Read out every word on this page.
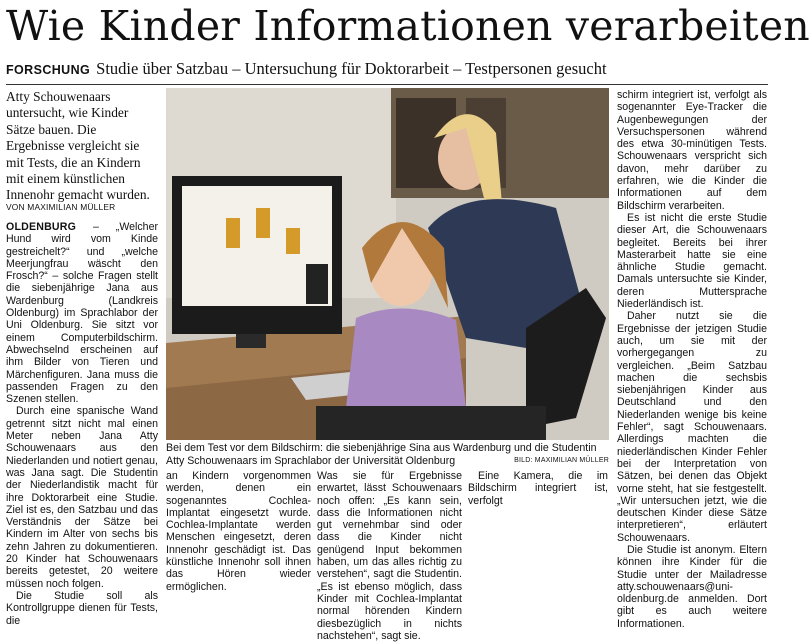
Wie Kinder Informationen verarbeiten
FORSCHUNG Studie über Satzbau – Untersuchung für Doktorarbeit – Testpersonen gesucht
Atty Schouwenaars untersucht, wie Kinder Sätze bauen. Die Ergebnisse vergleicht sie mit Tests, die an Kindern mit einem künstlichen Innenohr gemacht wurden.
VON MAXIMILIAN MÜLLER

OLDENBURG – „Welcher Hund wird vom Kinde gestreichelt?“ und „welche Meerjungfrau wäscht den Frosch?“ – solche Fragen stellt die siebenjährige Jana aus Wardenburg (Landkreis Oldenburg) im Sprachlabor der Uni Oldenburg. Sie sitzt vor einem Computerbildschirm. Abwechselnd erscheinen auf ihm Bilder von Tieren und Märchenfiguren. Jana muss die passenden Fragen zu den Szenen stellen.

Durch eine spanische Wand getrennt sitzt nicht mal einen Meter neben Jana Atty Schouwenaars aus den Niederlanden und notiert genau, was Jana sagt. Die Studentin der Niederlandistik macht für ihre Doktorarbeit eine Studie. Ziel ist es, den Satzbau und das Verständnis der Sätze bei Kindern im Alter von sechs bis zehn Jahren zu dokumentieren. 20 Kinder hat Schouwenaars bereits getestet, 20 weitere müssen noch folgen.

Die Studie soll als Kontrollgruppe dienen für Tests, die

Bei dem Test vor dem Bildschirm: die siebenjährige Sina aus Wardenburg und die Studentin Atty Schouwenaars im Sprachlabor der Universität Oldenburg	BILD: MAXIMILIAN MÜLLER

an Kindern vorgenommen werden, denen ein sogenanntes Cochlea-Implantat eingesetzt wurde. Cochlea-Implantate werden Menschen eingesetzt, deren Innenohr geschädigt ist. Das künstliche Innenohr soll ihnen das Hören wieder ermöglichen.

Was sie für Ergebnisse erwartet, lässt Schouwenaars noch offen: „Es kann sein, dass die Informationen nicht gut vernehmbar sind oder dass die Kinder nicht genügend Input bekommen haben, um das alles richtig zu verstehen“, sagt die Studentin. „Es ist ebenso möglich, dass Kinder mit Cochlea-Implantat normal hörenden Kindern diesbezüglich in nichts nachstehen“, sagt sie.

Eine Kamera, die im Bildschirm integriert ist, verfolgt

schirm integriert ist, verfolgt als sogenannter Eye-Tracker die Augenbewegungen der Versuchspersonen während des etwa 30-minütigen Tests. Schouwenaars verspricht sich davon, mehr darüber zu erfahren, wie die Kinder die Informationen auf dem Bildschirm verarbeiten.

Es ist nicht die erste Studie dieser Art, die Schouwenaars begleitet. Bereits bei ihrer Masterarbeit hatte sie eine ähnliche Studie gemacht. Damals untersuchte sie Kinder, deren Muttersprache Niederländisch ist.

Daher nutzt sie die Ergebnisse der jetzigen Studie auch, um sie mit der vorhergegangen zu vergleichen. „Beim Satzbau machen die sechsbis siebenjährigen Kinder aus Deutschland und den Niederlanden wenige bis keine Fehler“, sagt Schouwenaars. Allerdings machten die niederländischen Kinder Fehler bei der Interpretation von Sätzen, bei denen das Objekt vorne steht, hat sie festgestellt. „Wir untersuchen jetzt, wie die deutschen Kinder diese Sätze interpretieren“, erläutert Schouwenaars.

Die Studie ist anonym. Eltern können ihre Kinder für die Studie unter der Mailadresse atty.schouwenaars@uni-oldenburg.de anmelden. Dort gibt es auch weitere Informationen.
